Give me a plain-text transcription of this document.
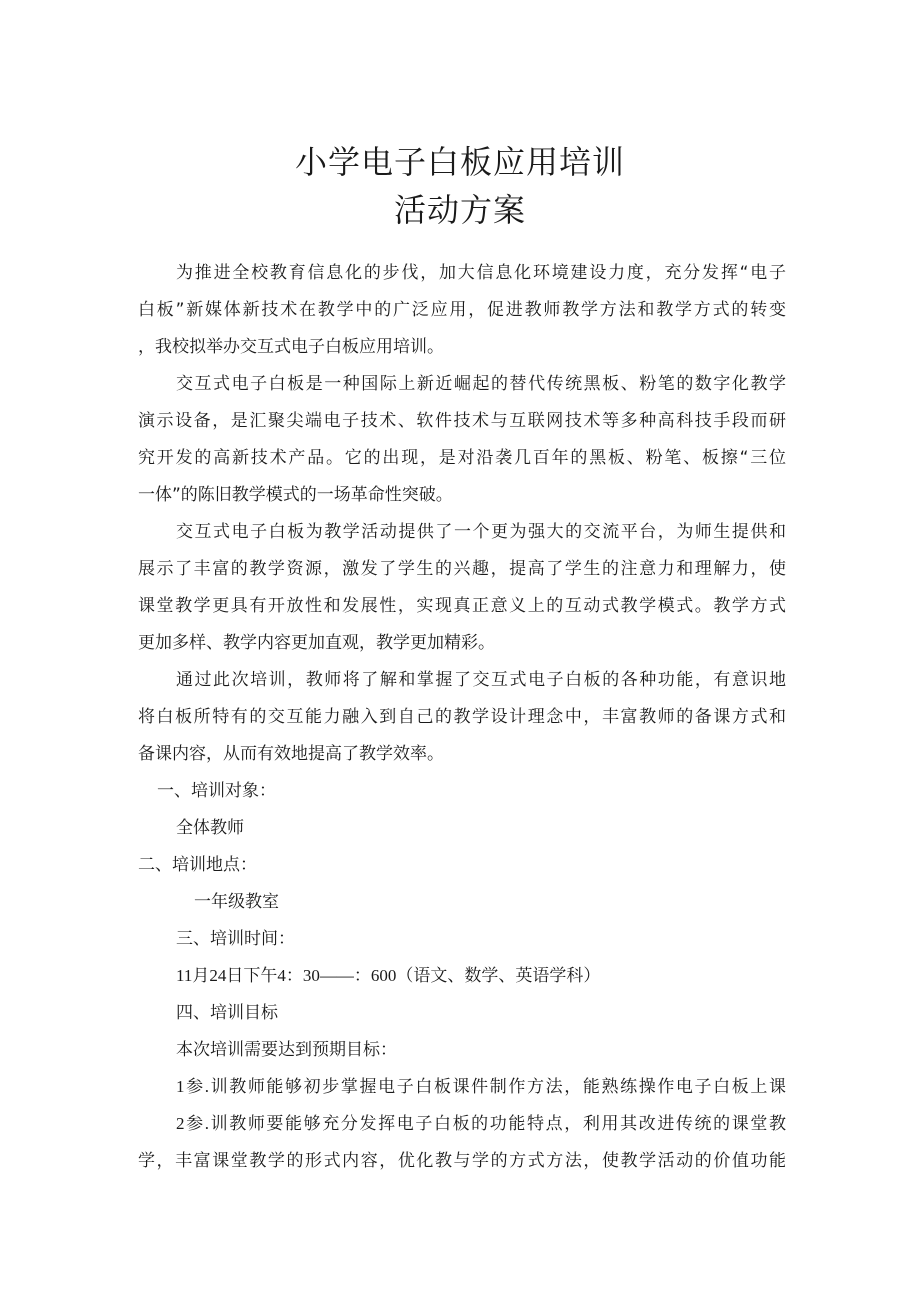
小学电子白板应用培训
活动方案

为推进全校教育信息化的步伐，加大信息化环境建设力度，充分发挥“电子

白板”新媒体新技术在教学中的广泛应用，促进教师教学方法和教学方式的转变

，我校拟举办交互式电子白板应用培训。

交互式电子白板是一种国际上新近崛起的替代传统黑板、粉笔的数字化教学

演示设备，是汇聚尖端电子技术、软件技术与互联网技术等多种高科技手段而研

究开发的高新技术产品。它的出现，是对沿袭几百年的黑板、粉笔、板擦“三位

一体”的陈旧教学模式的一场革命性突破。

交互式电子白板为教学活动提供了一个更为强大的交流平台，为师生提供和

展示了丰富的教学资源，激发了学生的兴趣，提高了学生的注意力和理解力，使

课堂教学更具有开放性和发展性，实现真正意义上的互动式教学模式。教学方式

更加多样、教学内容更加直观，教学更加精彩。

通过此次培训，教师将了解和掌握了交互式电子白板的各种功能，有意识地

将白板所特有的交互能力融入到自己的教学设计理念中，丰富教师的备课方式和

备课内容，从而有效地提高了教学效率。

一、培训对象：

全体教师

二、培训地点：

一年级教室

三、培训时间：

11月24日下午4：30——：600（语文、数学、英语学科）

四、培训目标

本次培训需要达到预期目标：

1参.训教师能够初步掌握电子白板课件制作方法，能熟练操作电子白板上课

2参.训教师要能够充分发挥电子白板的功能特点，利用其改进传统的课堂教

学，丰富课堂教学的形式内容，优化教与学的方式方法，使教学活动的价值功能
